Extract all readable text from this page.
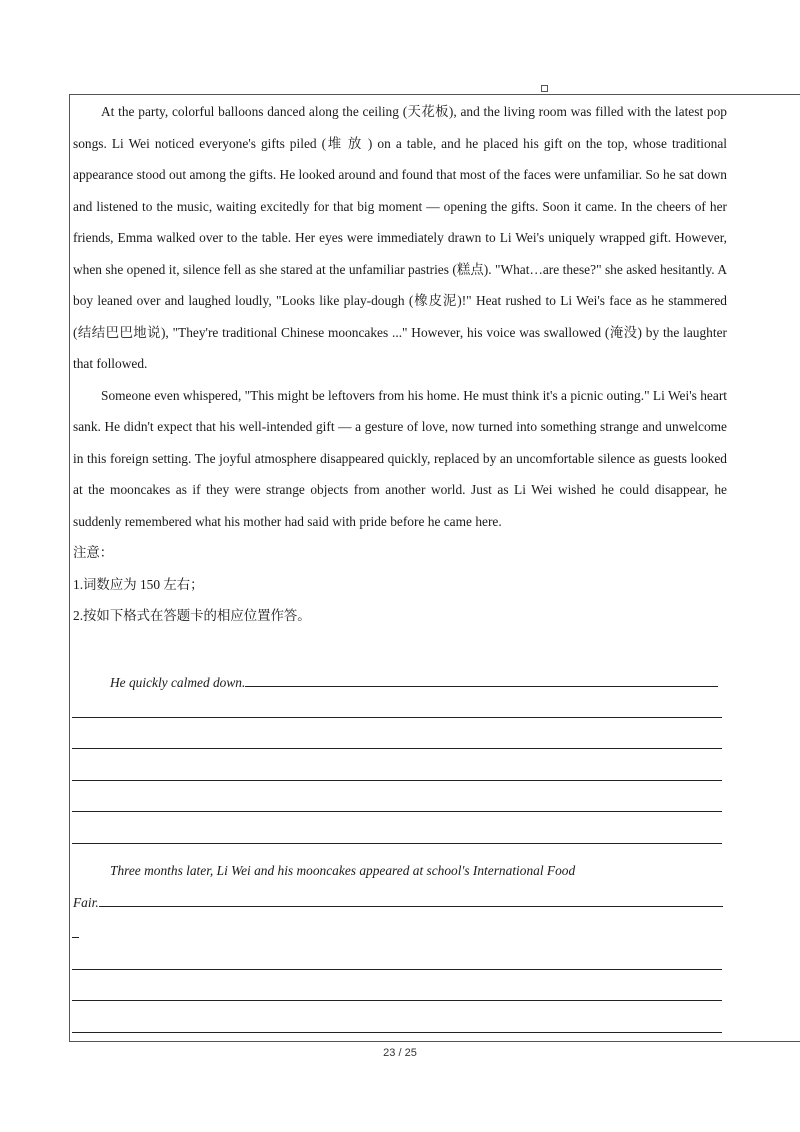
At the party, colorful balloons danced along the ceiling (天花板), and the living room was filled with the latest pop songs. Li Wei noticed everyone's gifts piled (堆 放 ) on a table, and he placed his gift on the top, whose traditional appearance stood out among the gifts. He looked around and found that most of the faces were unfamiliar. So he sat down and listened to the music, waiting excitedly for that big moment — opening the gifts. Soon it came. In the cheers of her friends, Emma walked over to the table. Her eyes were immediately drawn to Li Wei's uniquely wrapped gift. However, when she opened it, silence fell as she stared at the unfamiliar pastries (糕点). "What…are these?" she asked hesitantly. A boy leaned over and laughed loudly, "Looks like play-dough (橡皮泥)!" Heat rushed to Li Wei's face as he stammered (结结巴巴地说), "They're traditional Chinese mooncakes ..." However, his voice was swallowed (淹没) by the laughter that followed.

Someone even whispered, "This might be leftovers from his home. He must think it's a picnic outing." Li Wei's heart sank. He didn't expect that his well-intended gift — a gesture of love, now turned into something strange and unwelcome in this foreign setting. The joyful atmosphere disappeared quickly, replaced by an uncomfortable silence as guests looked at the mooncakes as if they were strange objects from another world. Just as Li Wei wished he could disappear, he suddenly remembered what his mother had said with pride before he came here.

注意：

1.词数应为 150 左右；

2.按如下格式在答题卡的相应位置作答。

He quickly calmed down.
Three months later, Li Wei and his mooncakes appeared at school's International Food
Fair.
23 / 25
